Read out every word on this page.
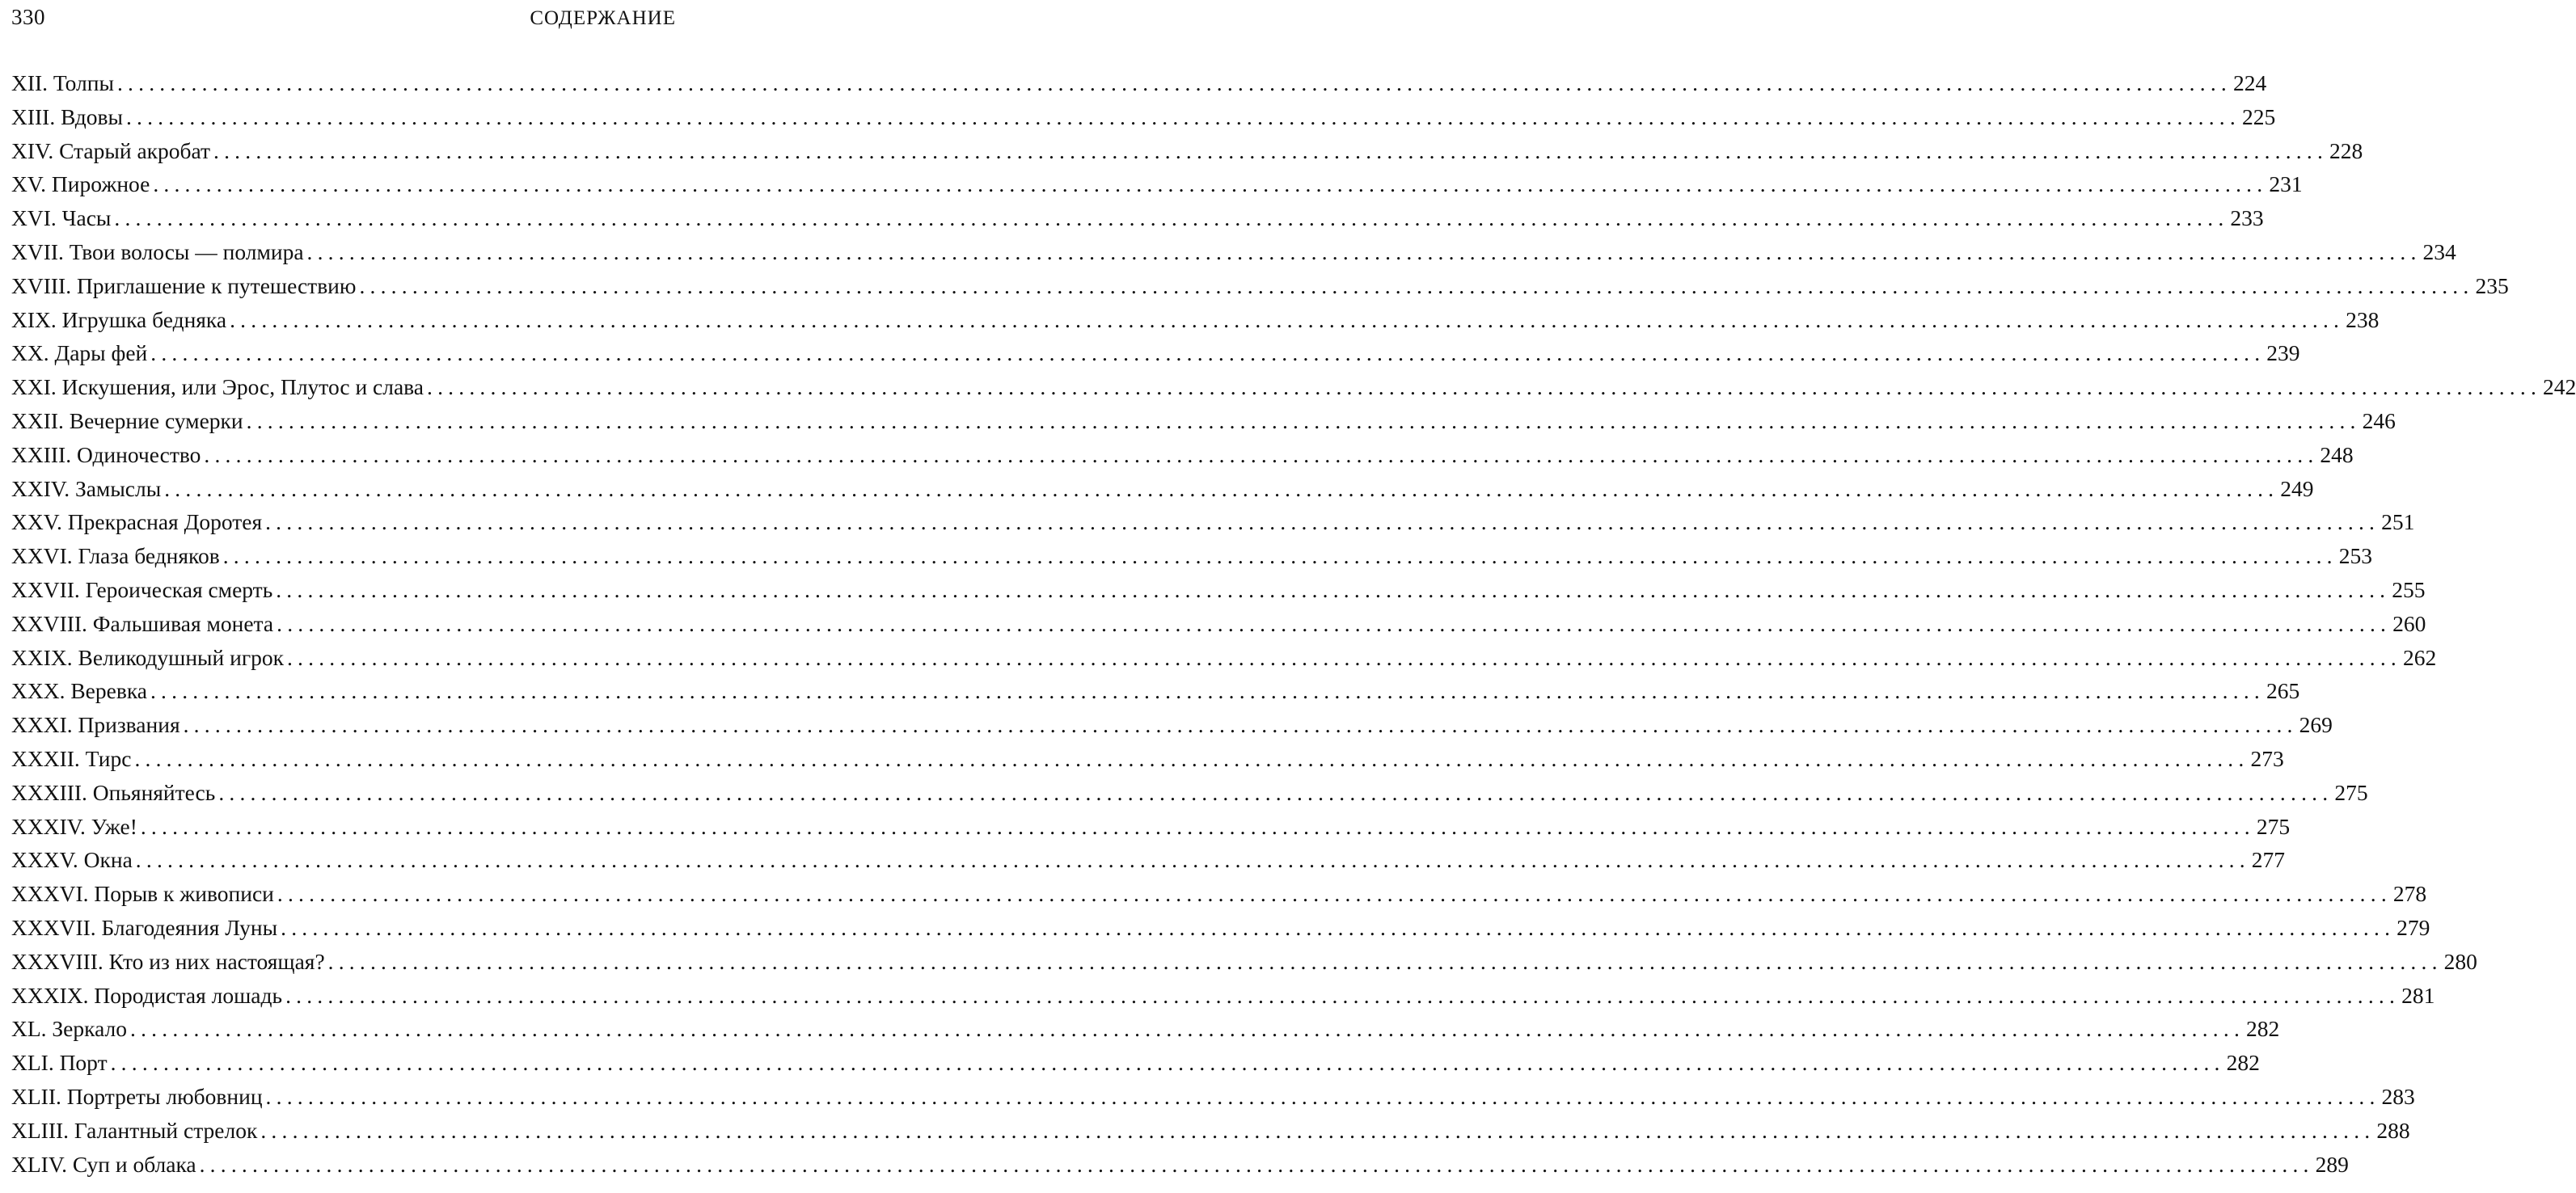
330	СОДЕРЖАНИЕ
XII. Толпы ........................................................................................................................................................................................................ 224
XIII. Вдовы ........................................................................................................................................................................................................ 225
XIV. Старый акробат ........................................................................................................................................................................................................ 228
XV. Пирожное ........................................................................................................................................................................................................ 231
XVI. Часы ........................................................................................................................................................................................................ 233
XVII. Твои волосы — полмира ........................................................................................................................................................................................................ 234
XVIII. Приглашение к путешествию ........................................................................................................................................................................................................ 235
XIX. Игрушка бедняка ........................................................................................................................................................................................................ 238
XX. Дары фей ........................................................................................................................................................................................................ 239
XXI. Искушения, или Эрос, Плутос и слава ........................................................................................................................................................................................................ 242
XXII. Вечерние сумерки ........................................................................................................................................................................................................ 246
XXIII. Одиночество ........................................................................................................................................................................................................ 248
XXIV. Замыслы ........................................................................................................................................................................................................ 249
XXV. Прекрасная Доротея ........................................................................................................................................................................................................ 251
XXVI. Глаза бедняков ........................................................................................................................................................................................................ 253
XXVII. Героическая смерть ........................................................................................................................................................................................................ 255
XXVIII. Фальшивая монета ........................................................................................................................................................................................................ 260
XXIX. Великодушный игрок ........................................................................................................................................................................................................ 262
XXX. Веревка ........................................................................................................................................................................................................ 265
XXXI. Призвания ........................................................................................................................................................................................................ 269
XXXII. Тирс ........................................................................................................................................................................................................ 273
XXXIII. Опьяняйтесь ........................................................................................................................................................................................................ 275
XXXIV. Уже! ........................................................................................................................................................................................................ 275
XXXV. Окна ........................................................................................................................................................................................................ 277
XXXVI. Порыв к живописи ........................................................................................................................................................................................................ 278
XXXVII. Благодеяния Луны ........................................................................................................................................................................................................ 279
XXXVIII. Кто из них настоящая? ........................................................................................................................................................................................................ 280
XXXIX. Породистая лошадь ........................................................................................................................................................................................................ 281
XL. Зеркало ........................................................................................................................................................................................................ 282
XLI. Порт ........................................................................................................................................................................................................ 282
XLII. Портреты любовниц ........................................................................................................................................................................................................ 283
XLIII. Галантный стрелок ........................................................................................................................................................................................................ 288
XLIV. Суп и облака ........................................................................................................................................................................................................ 289
